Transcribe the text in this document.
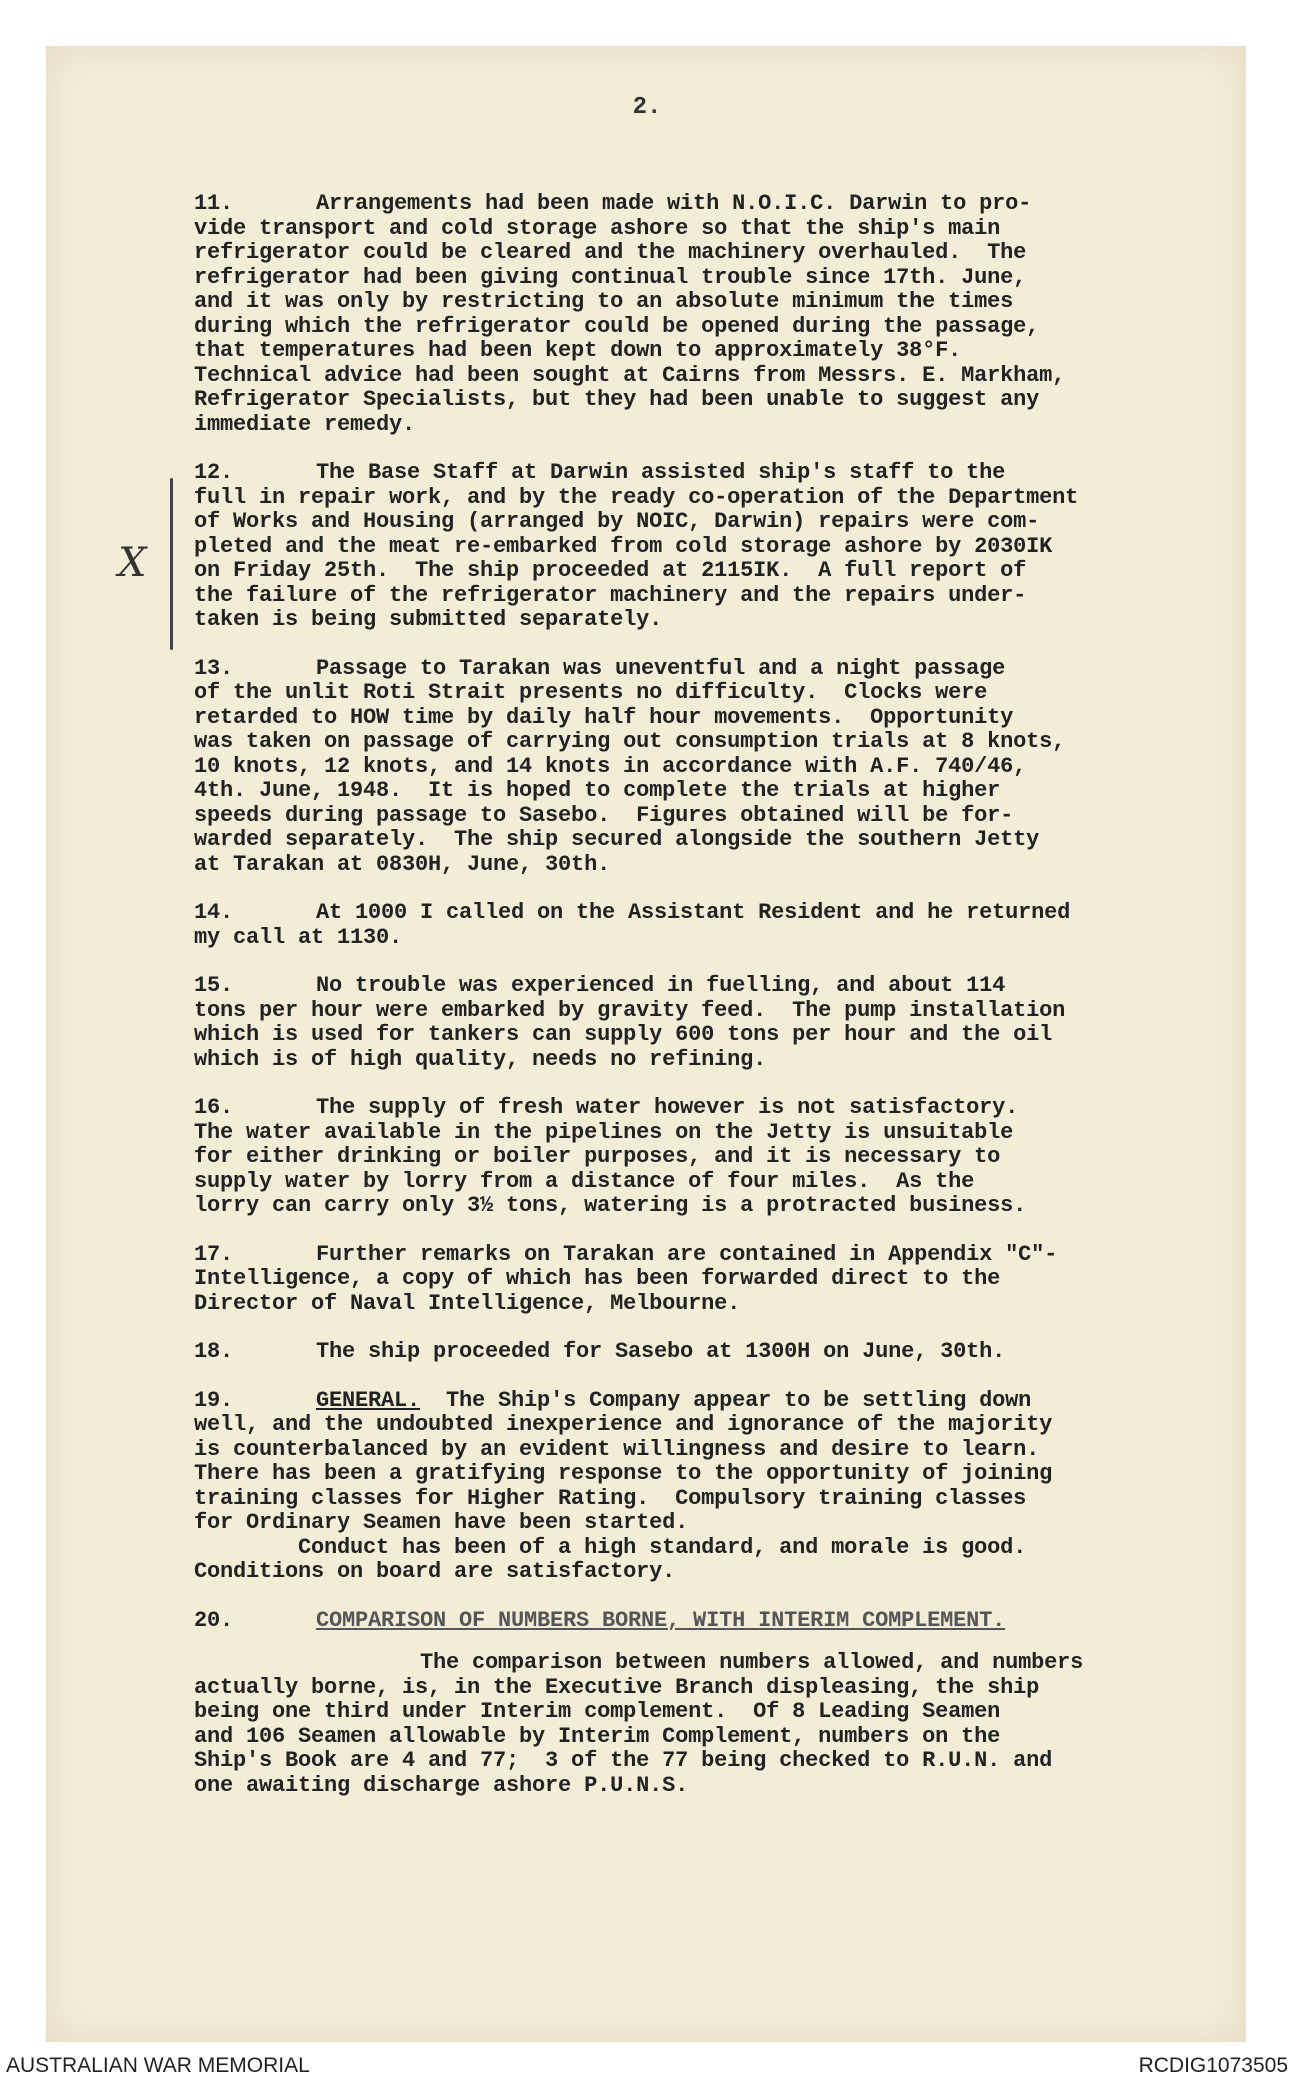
2.
X
11.	Arrangements had been made with N.O.I.C. Darwin to pro-
vide transport and cold storage ashore so that the ship's main
refrigerator could be cleared and the machinery overhauled.  The
refrigerator had been giving continual trouble since 17th. June,
and it was only by restricting to an absolute minimum the times
during which the refrigerator could be opened during the passage,
that temperatures had been kept down to approximately 38°F.
Technical advice had been sought at Cairns from Messrs. E. Markham,
Refrigerator Specialists, but they had been unable to suggest any
immediate remedy.
12.	The Base Staff at Darwin assisted ship's staff to the
full in repair work, and by the ready co-operation of the Department
of Works and Housing (arranged by NOIC, Darwin) repairs were com-
pleted and the meat re-embarked from cold storage ashore by 2030IK
on Friday 25th.  The ship proceeded at 2115IK.  A full report of
the failure of the refrigerator machinery and the repairs under-
taken is being submitted separately.
13.	Passage to Tarakan was uneventful and a night passage
of the unlit Roti Strait presents no difficulty.  Clocks were
retarded to HOW time by daily half hour movements.  Opportunity
was taken on passage of carrying out consumption trials at 8 knots,
10 knots, 12 knots, and 14 knots in accordance with A.F. 740/46,
4th. June, 1948.  It is hoped to complete the trials at higher
speeds during passage to Sasebo.  Figures obtained will be for-
warded separately.  The ship secured alongside the southern Jetty
at Tarakan at 0830H, June, 30th.
14.	At 1000 I called on the Assistant Resident and he returned
my call at 1130.
15.	No trouble was experienced in fuelling, and about 114
tons per hour were embarked by gravity feed.  The pump installation
which is used for tankers can supply 600 tons per hour and the oil
which is of high quality, needs no refining.
16.	The supply of fresh water however is not satisfactory.
The water available in the pipelines on the Jetty is unsuitable
for either drinking or boiler purposes, and it is necessary to
supply water by lorry from a distance of four miles.  As the
lorry can carry only 3½ tons, watering is a protracted business.
17.	Further remarks on Tarakan are contained in Appendix "C"-
Intelligence, a copy of which has been forwarded direct to the
Director of Naval Intelligence, Melbourne.
18.	The ship proceeded for Sasebo at 1300H on June, 30th.
19.	GENERAL. The Ship's Company appear to be settling down
well, and the undoubted inexperience and ignorance of the majority
is counterbalanced by an evident willingness and desire to learn.
There has been a gratifying response to the opportunity of joining
training classes for Higher Rating.  Compulsory training classes
for Ordinary Seamen have been started.
Conduct has been of a high standard, and morale is good.
Conditions on board are satisfactory.
20.	COMPARISON OF NUMBERS BORNE, WITH INTERIM COMPLEMENT.
The comparison between numbers allowed, and numbers
actually borne, is, in the Executive Branch displeasing, the ship
being one third under Interim complement.  Of 8 Leading Seamen
and 106 Seamen allowable by Interim Complement, numbers on the
Ship's Book are 4 and 77;  3 of the 77 being checked to R.U.N. and
one awaiting discharge ashore P.U.N.S.
AUSTRALIAN WAR MEMORIAL	RCDIG1073505
